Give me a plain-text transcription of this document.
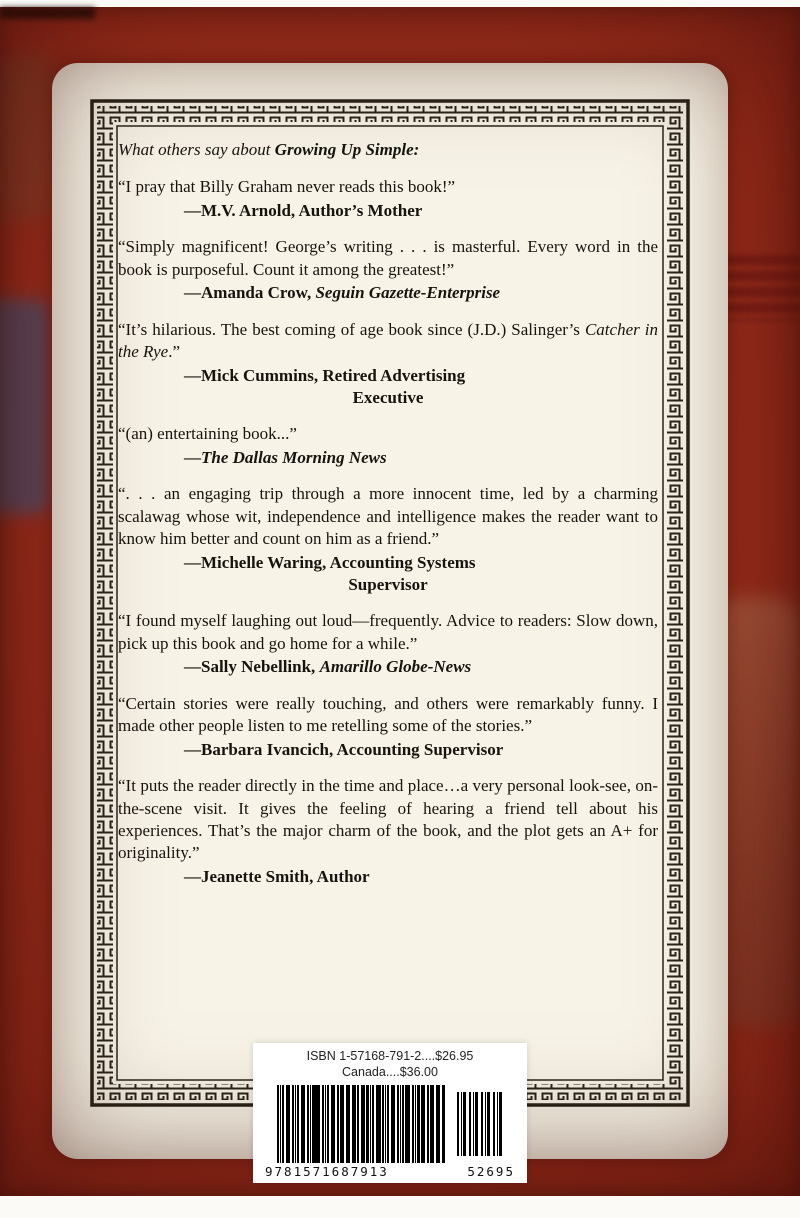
What others say about Growing Up Simple:

“I pray that Billy Graham never reads this book!”

—M.V. Arnold, Author’s Mother

“Simply magnificent! George’s writing . . . is masterful. Every word in the book is purposeful. Count it among the greatest!”

—Amanda Crow, Seguin Gazette-Enterprise

“It’s hilarious. The best coming of age book since (J.D.) Salinger’s Catcher in the Rye.”

—Mick Cummins, Retired Advertising
Executive

“(an) entertaining book...”

—The Dallas Morning News

“. . . an engaging trip through a more innocent time, led by a charming scalawag whose wit, independence and intelligence makes the reader want to know him better and count on him as a friend.”

—Michelle Waring, Accounting Systems
Supervisor

“I found myself laughing out loud—frequently. Advice to readers: Slow down, pick up this book and go home for a while.”

—Sally Nebellink, Amarillo Globe-News

“Certain stories were really touching, and others were remarkably funny. I made other people listen to me retelling some of the stories.”

—Barbara Ivancich, Accounting Supervisor

“It puts the reader directly in the time and place…a very personal look-see, on-the-scene visit. It gives the feeling of hearing a friend tell about his experiences. That’s the major charm of the book, and the plot gets an A+ for originality.”

—Jeanette Smith, Author

ISBN 1-57168-791-2....$26.95
Canada....$36.00
9781571687913	52695
